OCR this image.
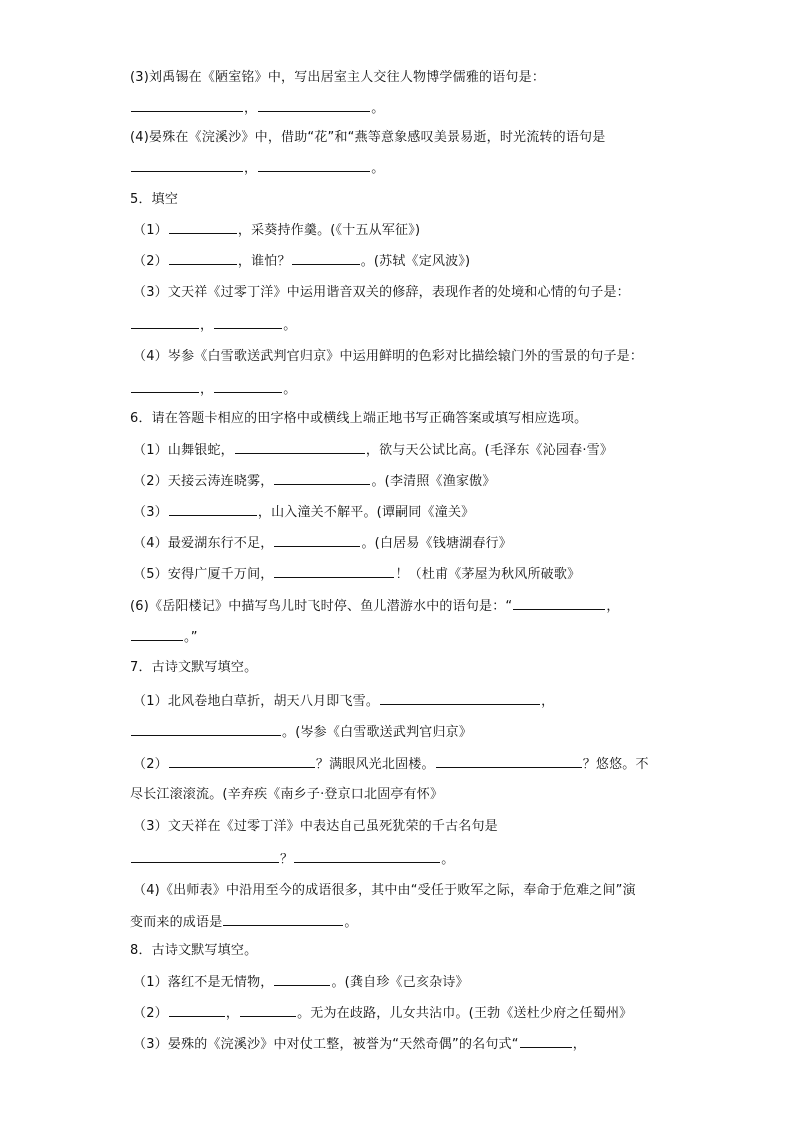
(3)刘禹锡在《陋室铭》中，写出居室主人交往人物博学儒雅的语句是：
，	。
(4)晏殊在《浣溪沙》中，借助“花”和“燕等意象感叹美景易逝，时光流转的语句是
，	。
5．填空
（1）	，采葵持作羹。(《十五从军征》)
（2）	，谁怕？	。(苏轼《定风波》)
（3）文天祥《过零丁洋》中运用谐音双关的修辞，表现作者的处境和心情的句子是：
，	。
（4）岑参《白雪歌送武判官归京》中运用鲜明的色彩对比描绘辕门外的雪景的句子是：
，	。
6．请在答题卡相应的田字格中或横线上端正地书写正确答案或填写相应选项。
（1）山舞银蛇，	，欲与天公试比高。(毛泽东《沁园春·雪》
（2）天接云涛连晓雾，	。(李清照《渔家傲》
（3）	，山入潼关不解平。(谭嗣同《潼关》
（4）最爱湖东行不足，	。(白居易《钱塘湖春行》
（5）安得广厦千万间，	！（杜甫《茅屋为秋风所破歌》
(6)《岳阳楼记》中描写鸟儿时飞时停、鱼儿潜游水中的语句是：“	，
。”
7．古诗文默写填空。
（1）北风卷地白草折，胡天八月即飞雪。	，
。(岑参《白雪歌送武判官归京》
（2）	？满眼风光北固楼。	？悠悠。不
尽长江滚滚流。(辛弃疾《南乡子·登京口北固亭有怀》
（3）文天祥在《过零丁洋》中表达自己虽死犹荣的千古名句是
？	。
（4)《出师表》中沿用至今的成语很多，其中由“受任于败军之际，奉命于危难之间”演
变而来的成语是	。
8．古诗文默写填空。
（1）落红不是无情物，	。(龚自珍《己亥杂诗》
（2）	，	。无为在歧路，儿女共沾巾。(王勃《送杜少府之任蜀州》
（3）晏殊的《浣溪沙》中对仗工整，被誉为“天然奇偶”的名句式“	，
